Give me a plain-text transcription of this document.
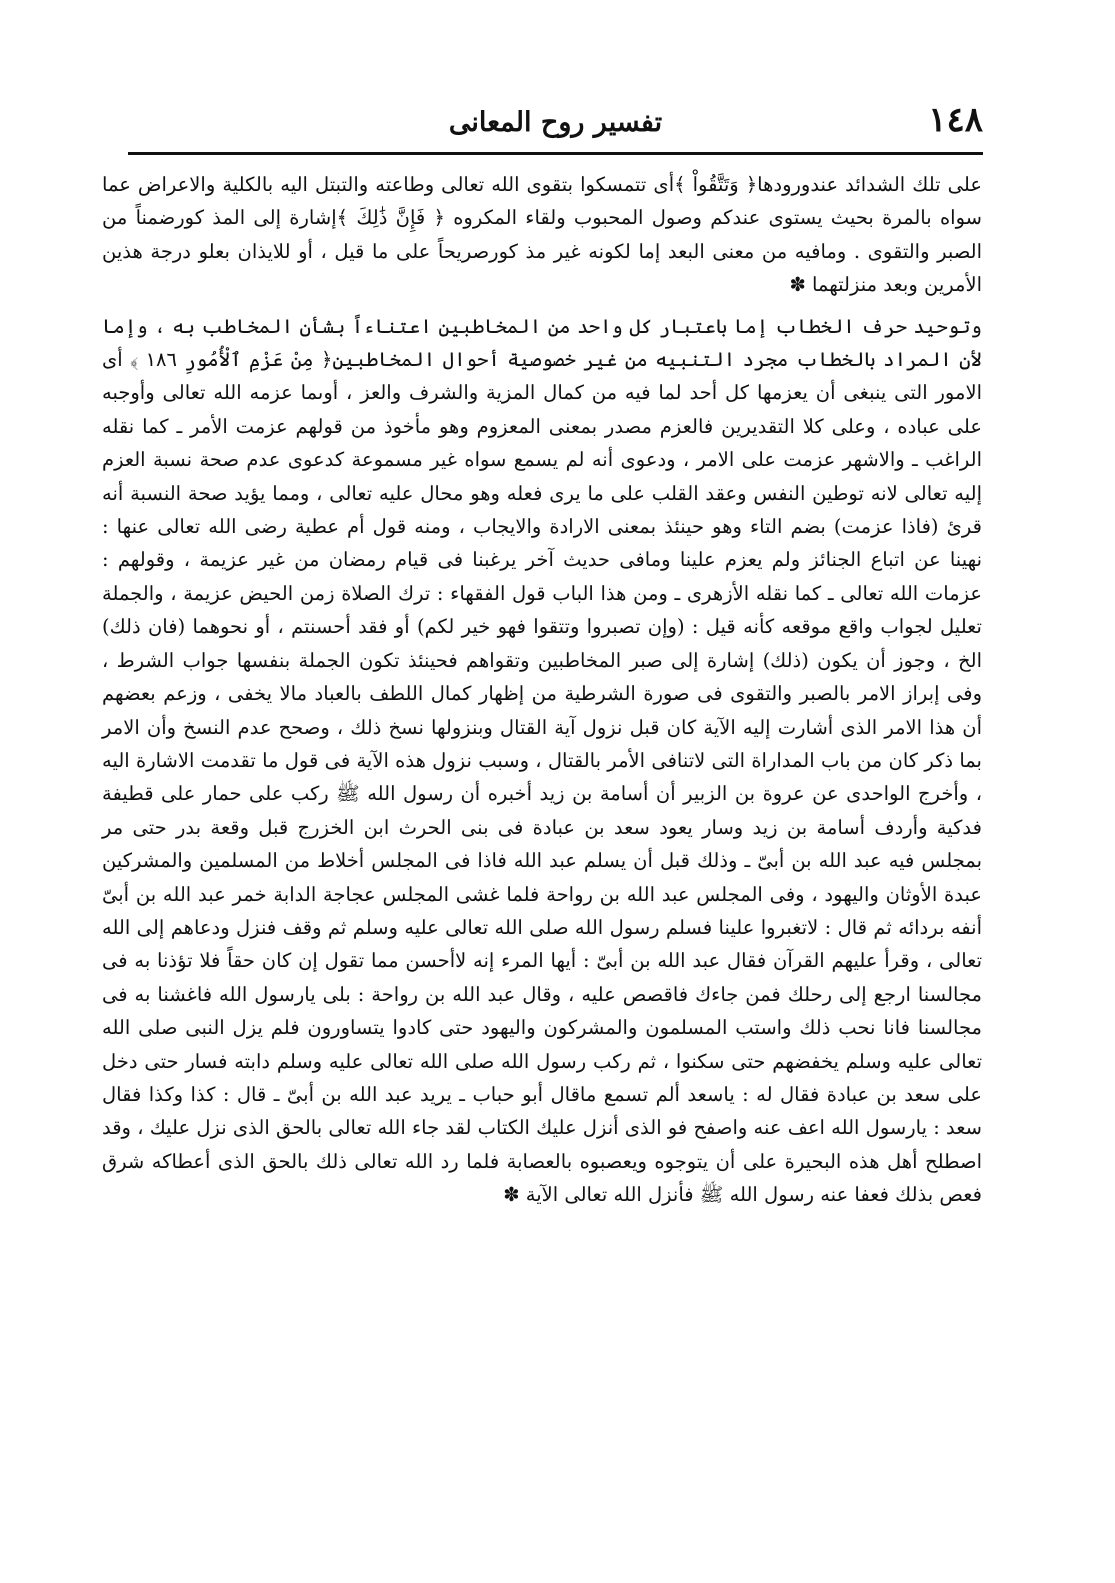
١٤٨
تفسير روح المعانى

على تلك الشدائد عندورودها﴿ وَتَتَّقُواْ ﴾أى تتمسكوا بتقوى الله تعالى وطاعته والتبتل اليه بالكلية والاعراض عما سواه بالمرة بحيث يستوى عندكم وصول المحبوب ولقاء المكروه ﴿ فَإِنَّ ذَٰلِكَ ﴾إشارة إلى المذ كورضمناً من الصبر والتقوى . ومافيه من معنى البعد إما لكونه غير مذ كورصريحاً على ما قيل ، أو للايذان بعلو درجة هذين الأمرين وبعد منزلتهما ✽

وتوحيد حرف الخطاب إما باعتبار كل واحد من المخاطبين اعتناءاً بشأن المخاطب به ، وإما لأن المراد بالخطاب مجرد التنبيه من غير خصوصية أحوال المخاطبين﴿ مِنْ عَزْمِ ٱلْأُمُورِ ١٨٦ ﴾ أى الامور التى ينبغى أن يعزمها كل أحد لما فيه من كمال المزية والشرف والعز ، أوىما عزمه الله تعالى وأوجبه على عباده ، وعلى كلا التقديرين فالعزم مصدر بمعنى المعزوم وهو مأخوذ من قولهم عزمت الأمر ـ كما نقله الراغب ـ والاشهر عزمت على الامر ، ودعوى أنه لم يسمع سواه غير مسموعة كدعوى عدم صحة نسبة العزم إليه تعالى لانه توطين النفس وعقد القلب على ما يرى فعله وهو محال عليه تعالى ، ومما يؤيد صحة النسبة أنه قرئ (فاذا عزمت) بضم التاء وهو حينئذ بمعنى الارادة والايجاب ، ومنه قول أم عطية رضى الله تعالى عنها : نهينا عن اتباع الجنائز ولم يعزم علينا ومافى حديث آخر يرغبنا فى قيام رمضان من غير عزيمة ، وقولهم : عزمات الله تعالى ـ كما نقله الأزهرى ـ ومن هذا الباب قول الفقهاء : ترك الصلاة زمن الحيض عزيمة ، والجملة تعليل لجواب واقع موقعه كأنه قيل : (وإن تصبروا وتتقوا فهو خير لكم) أو فقد أحسنتم ، أو نحوهما (فان ذلك) الخ ، وجوز أن يكون (ذلك) إشارة إلى صبر المخاطبين وتقواهم فحينئذ تكون الجملة بنفسها جواب الشرط ، وفى إبراز الامر بالصبر والتقوى فى صورة الشرطية من إظهار كمال اللطف بالعباد مالا يخفى ، وزعم بعضهم أن هذا الامر الذى أشارت إليه الآية كان قبل نزول آية القتال وبنزولها نسخ ذلك ، وصحح عدم النسخ وأن الامر بما ذكر كان من باب المداراة التى لاتنافى الأمر بالقتال ، وسبب نزول هذه الآية فى قول ما تقدمت الاشارة اليه ، وأخرج الواحدى عن عروة بن الزبير أن أسامة بن زيد أخبره أن رسول الله ﷺ ركب على حمار على قطيفة فدكية وأردف أسامة بن زيد وسار يعود سعد بن عبادة فى بنى الحرث ابن الخزرج قبل وقعة بدر حتى مر بمجلس فيه عبد الله بن أبىّ ـ وذلك قبل أن يسلم عبد الله فاذا فى المجلس أخلاط من المسلمين والمشركين عبدة الأوثان واليهود ، وفى المجلس عبد الله بن رواحة فلما غشى المجلس عجاجة الدابة خمر عبد الله بن أبىّ أنفه بردائه ثم قال : لاتغبروا علينا فسلم رسول الله صلى الله تعالى عليه وسلم ثم وقف فنزل ودعاهم إلى الله تعالى ، وقرأ عليهم القرآن فقال عبد الله بن أبىّ : أيها المرء إنه لاأحسن مما تقول إن كان حقاً فلا تؤذنا به فى مجالسنا ارجع إلى رحلك فمن جاءك فاقصص عليه ، وقال عبد الله بن رواحة : بلى يارسول الله فاغشنا به فى مجالسنا فانا نحب ذلك واستب المسلمون والمشركون واليهود حتى كادوا يتساورون فلم يزل النبى صلى الله تعالى عليه وسلم يخفضهم حتى سكنوا ، ثم ركب رسول الله صلى الله تعالى عليه وسلم دابته فسار حتى دخل على سعد بن عبادة فقال له : ياسعد ألم تسمع ماقال أبو حباب ـ يريد عبد الله بن أبىّ ـ قال : كذا وكذا فقال سعد : يارسول الله اعف عنه واصفح فو الذى أنزل عليك الكتاب لقد جاء الله تعالى بالحق الذى نزل عليك ، وقد اصطلح أهل هذه البحيرة على أن يتوجوه ويعصبوه بالعصابة فلما رد الله تعالى ذلك بالحق الذى أعطاكه شرق فعص بذلك فعفا عنه رسول الله ﷺ فأنزل الله تعالى الآية ✽
